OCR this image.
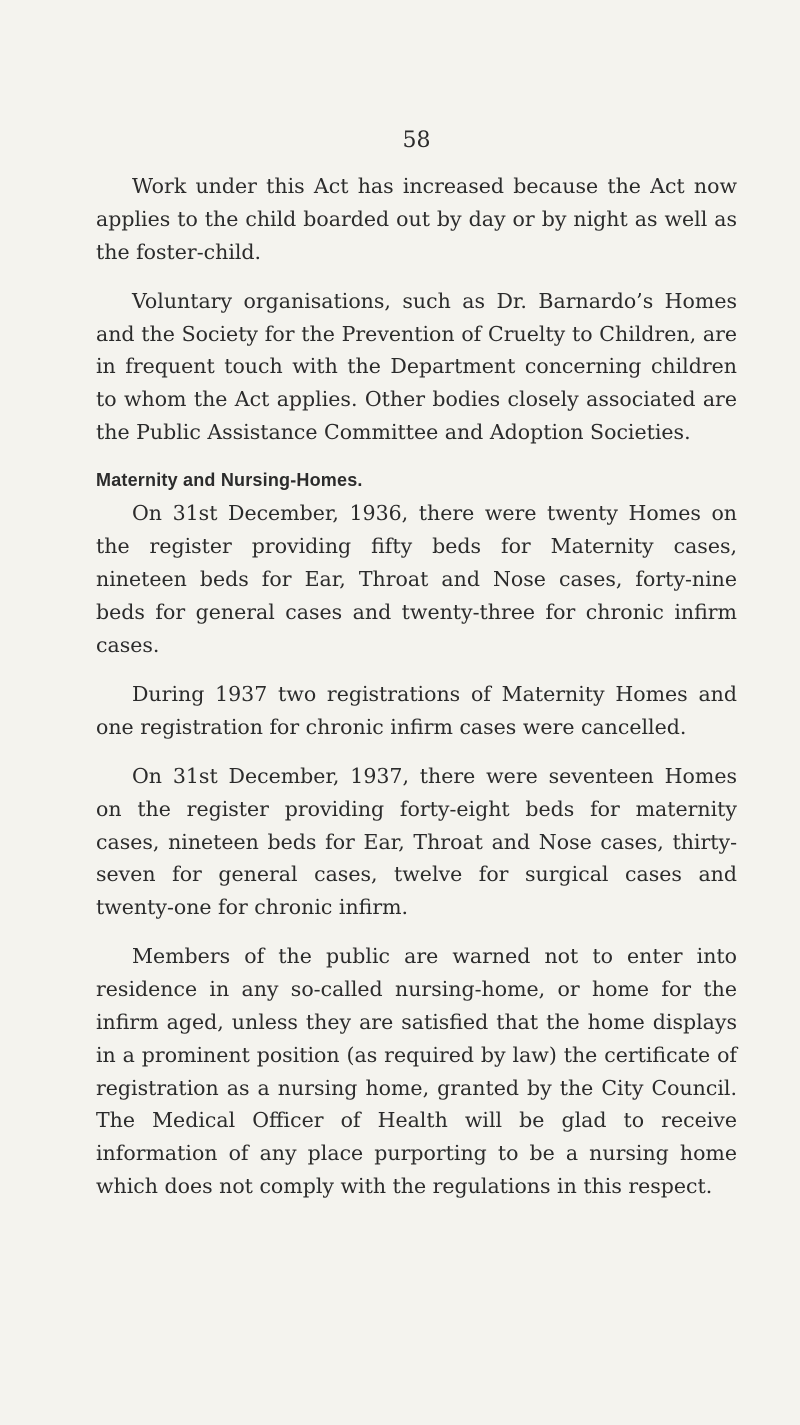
58

Work under this Act has increased because the Act now applies to the child boarded out by day or by night as well as the foster-child.

Voluntary organisations, such as Dr. Barnardo’s Homes and the Society for the Prevention of Cruelty to Children, are in frequent touch with the Department concerning children to whom the Act applies. Other bodies closely associated are the Public Assistance Committee and Adoption Societies.

Maternity and Nursing-Homes.

On 31st December, 1936, there were twenty Homes on the register providing fifty beds for Maternity cases, nineteen beds for Ear, Throat and Nose cases, forty-nine beds for general cases and twenty-three for chronic infirm cases.

During 1937 two registrations of Maternity Homes and one registration for chronic infirm cases were cancelled.

On 31st December, 1937, there were seventeen Homes on the register providing forty-eight beds for maternity cases, nineteen beds for Ear, Throat and Nose cases, thirty-seven for general cases, twelve for surgical cases and twenty-one for chronic infirm.

Members of the public are warned not to enter into residence in any so-called nursing-home, or home for the infirm aged, unless they are satisfied that the home displays in a prominent position (as required by law) the certificate of registration as a nursing home, granted by the City Council. The Medical Officer of Health will be glad to receive information of any place purporting to be a nursing home which does not comply with the regulations in this respect.
